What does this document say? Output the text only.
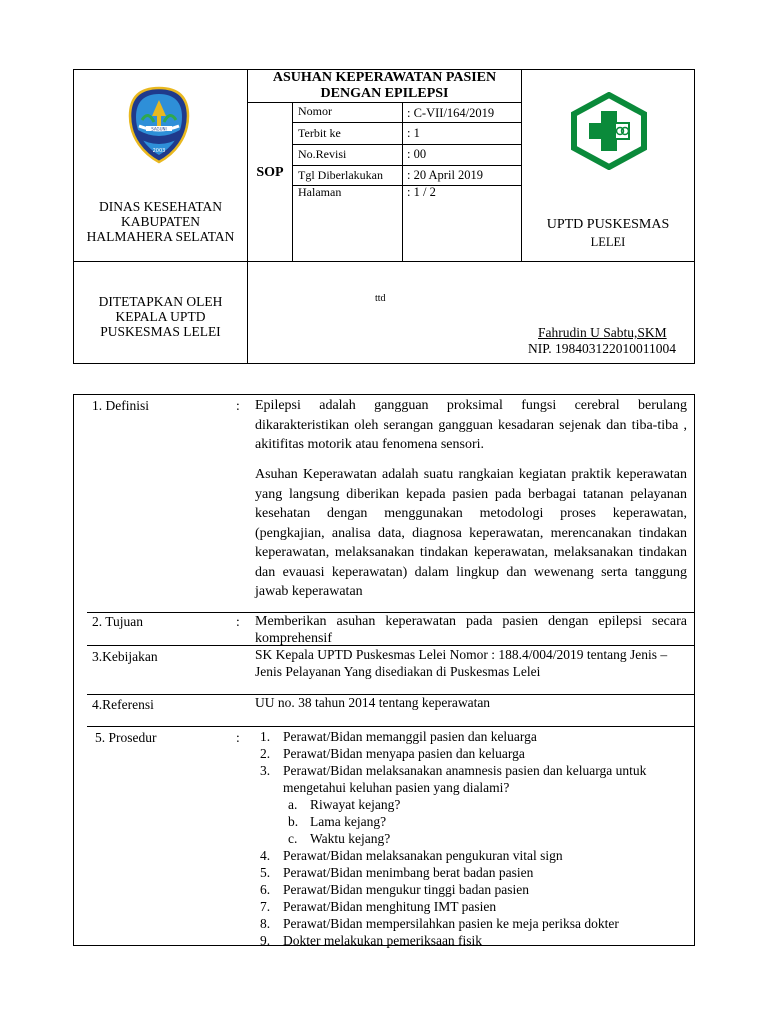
SAGUNI
2003
DINAS KESEHATAN
KABUPATEN
HALMAHERA SELATAN
ASUHAN KEPERAWATAN PASIEN
DENGAN EPILEPSI
SOP
Nomor	: C-VII/164/2019
Terbit ke	: 1
No.Revisi	: 00
Tgl Diberlakukan : 20 April 2019
Halaman	: 1 / 2
UPTD PUSKESMAS
LELEI
DITETAPKAN OLEH
KEPALA UPTD
PUSKESMAS LELEI
ttd
Fahrudin U Sabtu,SKM
NIP. 198403122010011004
1. Definisi	: Epilepsi adalah gangguan proksimal fungsi cerebral berulang dikarakteristikan oleh serangan gangguan kesadaran sejenak dan tiba-tiba , akitifitas motorik atau fenomena sensori.
Asuhan Keperawatan adalah suatu rangkaian kegiatan praktik keperawatan yang langsung diberikan kepada pasien pada berbagai tatanan pelayanan kesehatan dengan menggunakan metodologi proses keperawatan, (pengkajian, analisa data, diagnosa keperawatan, merencanakan tindakan keperawatan, melaksanakan tindakan keperawatan, melaksanakan tindakan dan evauasi keperawatan) dalam lingkup dan wewenang serta tanggung jawab keperawatan
2. Tujuan	: Memberikan asuhan keperawatan pada pasien dengan epilepsi secara komprehensif
3.Kebijakan	SK Kepala UPTD Puskesmas Lelei Nomor : 188.4/004/2019 tentang Jenis –
Jenis Pelayanan Yang disediakan di Puskesmas Lelei
4.Referensi	UU no. 38 tahun 2014 tentang keperawatan
5. Prosedur	: 1. Perawat/Bidan memanggil pasien dan keluarga
2. Perawat/Bidan menyapa pasien dan keluarga
3. Perawat/Bidan melaksanakan anamnesis pasien dan keluarga untuk
mengetahui keluhan pasien yang dialami?
a. Riwayat kejang?
b. Lama kejang?
c. Waktu kejang?
4. Perawat/Bidan melaksanakan pengukuran vital sign
5. Perawat/Bidan menimbang berat badan pasien
6. Perawat/Bidan mengukur tinggi badan pasien
7. Perawat/Bidan menghitung IMT pasien
8. Perawat/Bidan mempersilahkan pasien ke meja periksa dokter
9. Dokter melakukan pemeriksaan fisik
